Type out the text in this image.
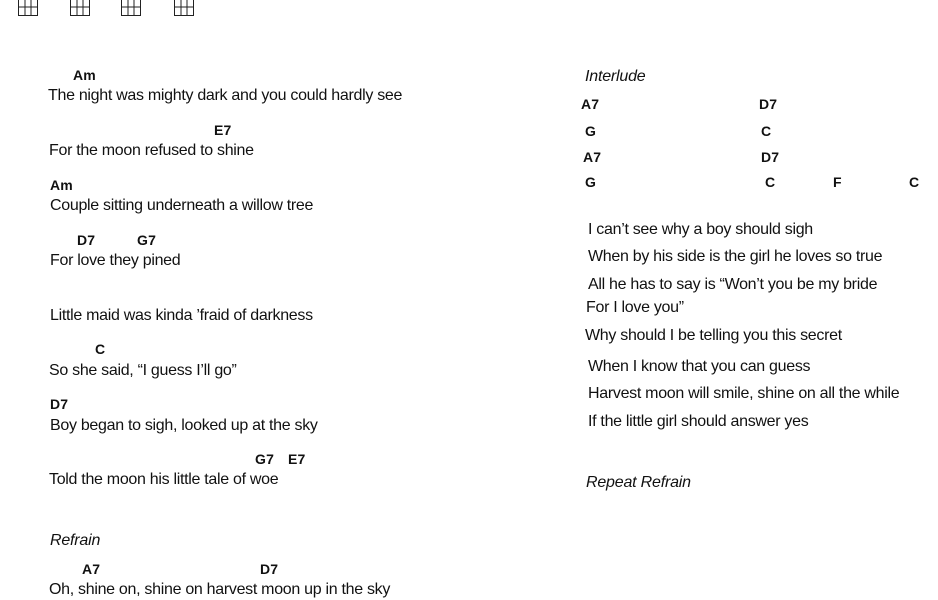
Am
The night was mighty dark and you could hardly see
E7
For the moon refused to shine
Am
Couple sitting underneath a willow tree
D7	G7
For love they pined
Little maid was kinda ’fraid of darkness
C
So she said, “I guess I’ll go”
D7
Boy began to sigh, looked up at the sky
G7 E7
Told the moon his little tale of woe
Refrain
A7	D7
Oh, shine on, shine on harvest moon up in the sky
Interlude
A7	D7
G	C
A7	D7
G	C	F	C
I can’t see why a boy should sigh
When by his side is the girl he loves so true
All he has to say is “Won’t you be my bride
For I love you”
Why should I be telling you this secret
When I know that you can guess
Harvest moon will smile, shine on all the while
If the little girl should answer yes
Repeat Refrain
